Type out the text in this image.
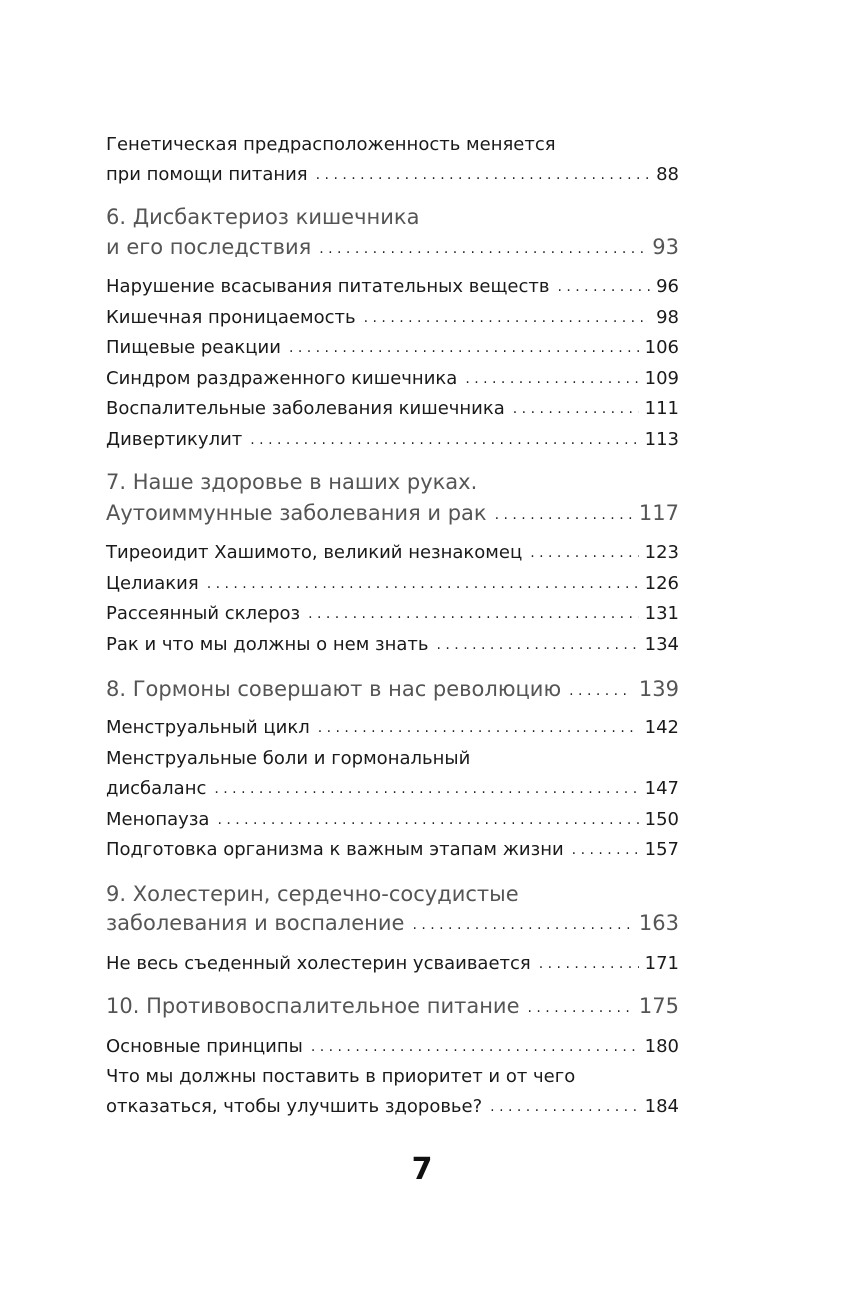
Генетическая предрасположенность меняется
при помощи питания . . .	88
6. Дисбактериоз кишечника
и его последствия . . .	93
Нарушение всасывания питательных веществ . . .	96
Кишечная проницаемость . . .	98
Пищевые реакции . . .	106
Синдром раздраженного кишечника . . .	109
Воспалительные заболевания кишечника . . .	111
Дивертикулит . . .	113
7. Наше здоровье в наших руках.
Аутоиммунные заболевания и рак . . .	117
Тиреоидит Хашимото, великий незнакомец . . .	123
Целиакия . . .	126
Рассеянный склероз . . .	131
Рак и что мы должны о нем знать . . .	134
8. Гормоны совершают в нас революцию . . .	139
Менструальный цикл . . .	142
Менструальные боли и гормональный
дисбаланс . . .	147
Менопауза . . .	150
Подготовка организма к важным этапам жизни . . .	157
9. Холестерин, сердечно-сосудистые
заболевания и воспаление . . .	163
Не весь съеденный холестерин усваивается . . .	171
10. Противовоспалительное питание . . .	175
Основные принципы . . .	180
Что мы должны поставить в приоритет и от чего
отказаться, чтобы улучшить здоровье? . . .	184
7
